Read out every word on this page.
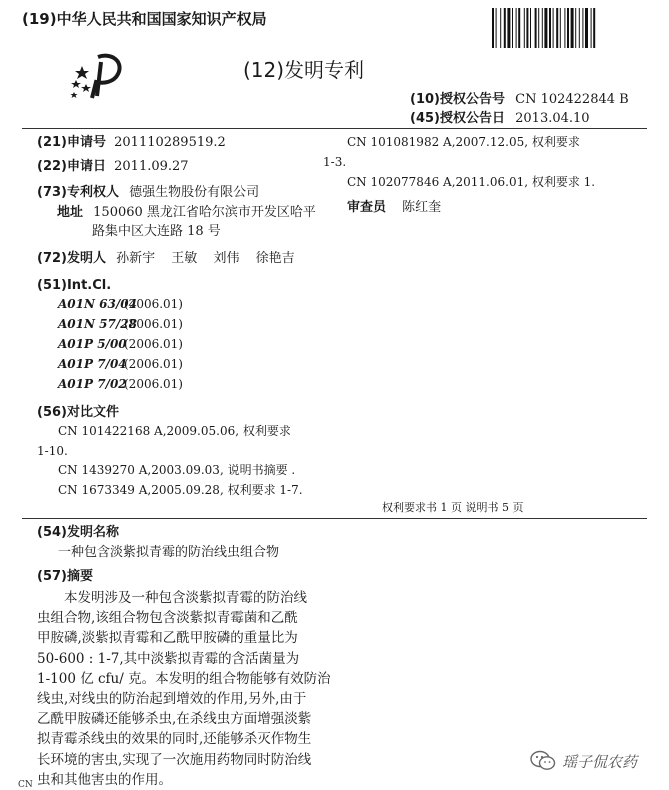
(19)中华人民共和国国家知识产权局
(12)发明专利
(10)授权公告号 CN 102422844 B
(45)授权公告日 2013.04.10
(21)申请号 201110289519.2
(22)申请日 2011.09.27
(73)专利权人 德强生物股份有限公司
地址 150060 黑龙江省哈尔滨市开发区哈平
路集中区大连路 18 号
(72)发明人 孙新宇 王敏 刘伟 徐艳吉
(51)Int.Cl.
A01N 63/04(2006.01)
A01N 57/28(2006.01)
A01P 5/00(2006.01)
A01P 7/04(2006.01)
A01P 7/02(2006.01)
(56)对比文件
CN 101422168 A,2009.05.06, 权利要求
1-10.
CN 1439270 A,2003.09.03, 说明书摘要 .
CN 1673349 A,2005.09.28, 权利要求 1-7.
CN 101081982 A,2007.12.05, 权利要求
1-3.
CN 102077846 A,2011.06.01, 权利要求 1.
审查员 陈红奎
权利要求书 1 页 说明书 5 页
(54)发明名称
一种包含淡紫拟青霉的防治线虫组合物
(57)摘要
本发明涉及一种包含淡紫拟青霉的防治线
虫组合物,该组合物包含淡紫拟青霉菌和乙酰
甲胺磷,淡紫拟青霉和乙酰甲胺磷的重量比为
50-600 : 1-7,其中淡紫拟青霉的含活菌量为
1-100 亿 cfu/ 克。本发明的组合物能够有效防治
线虫,对线虫的防治起到增效的作用,另外,由于
乙酰甲胺磷还能够杀虫,在杀线虫方面增强淡紫
拟青霉杀线虫的效果的同时,还能够杀灭作物生
长环境的害虫,实现了一次施用药物同时防治线
虫和其他害虫的作用。
瑶子侃农药
CN
